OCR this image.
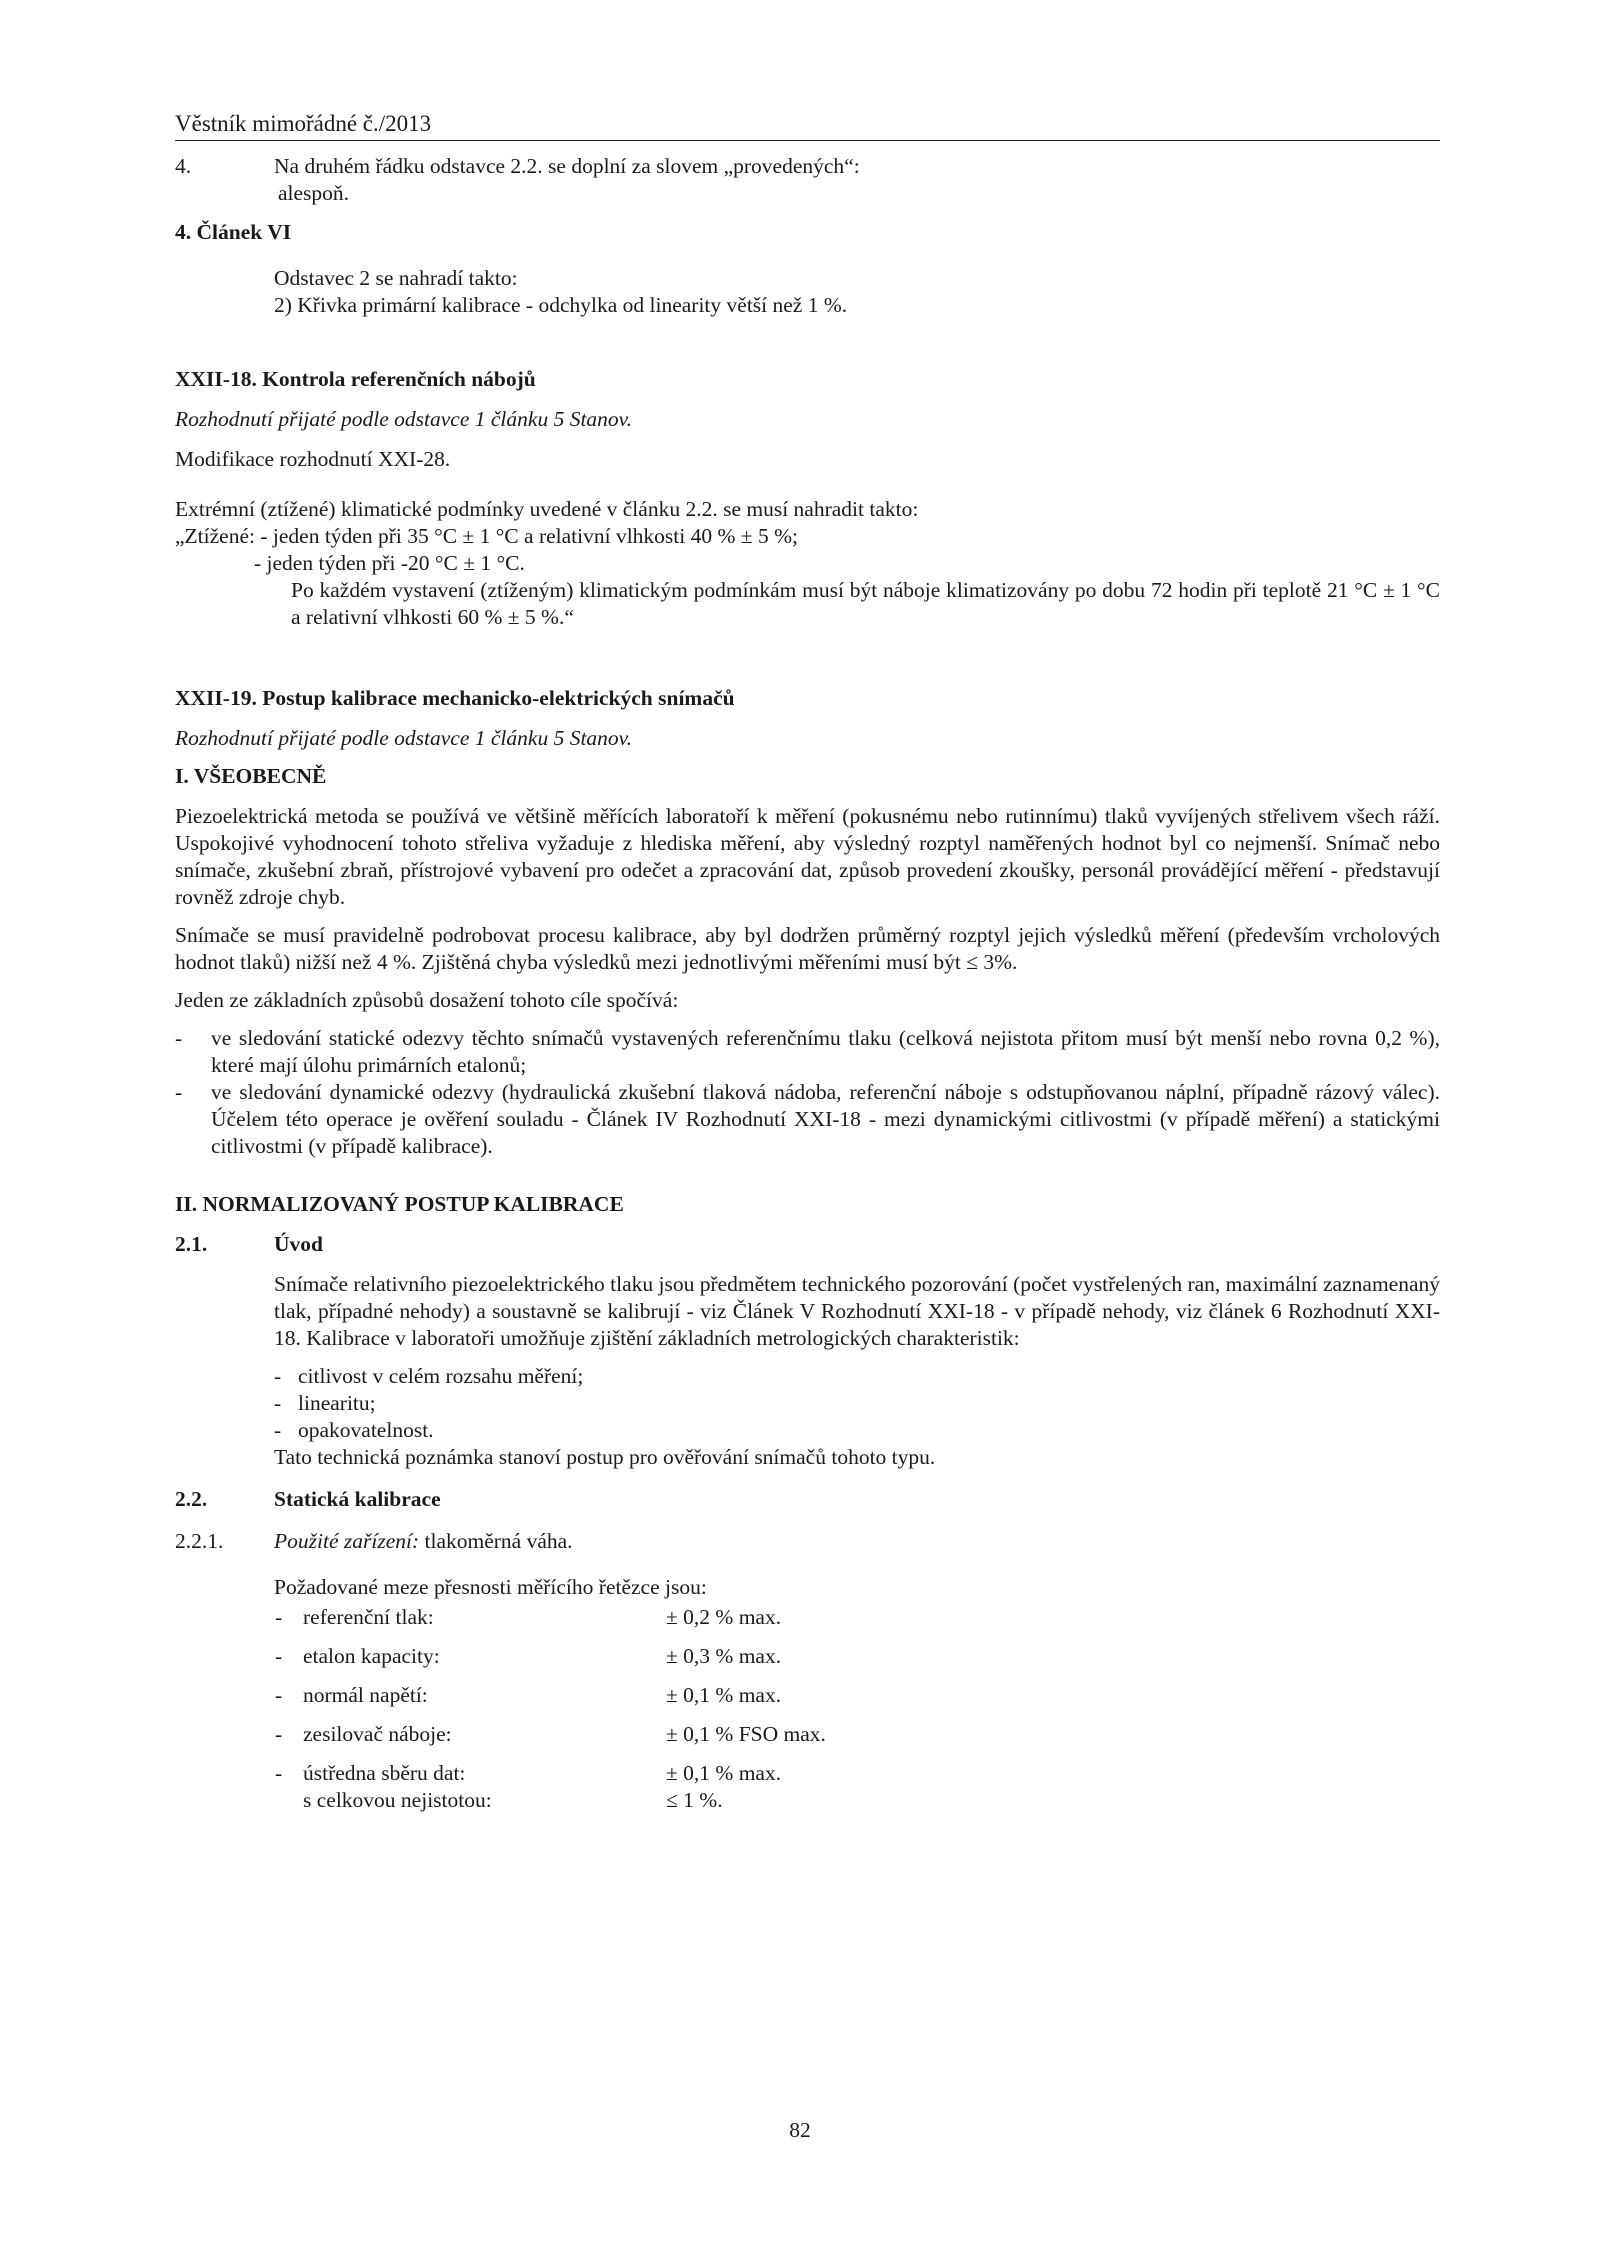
Věstník mimořádné č./2013
4.	Na druhém řádku odstavce 2.2. se doplní za slovem „provedených“:
alespoň.
4. Článek VI
Odstavec 2 se nahradí takto:
2) Křivka primární kalibrace - odchylka od linearity větší než 1 %.
XXII-18. Kontrola referenčních nábojů
Rozhodnutí přijaté podle odstavce 1 článku 5 Stanov.
Modifikace rozhodnutí XXI-28.
Extrémní (ztížené) klimatické podmínky uvedené v článku 2.2. se musí nahradit takto:
„Ztížené: - jeden týden při 35 °C ± 1 °C a relativní vlhkosti 40 % ± 5 %;
- jeden týden při -20 °C ± 1 °C.
Po každém vystavení (ztíženým) klimatickým podmínkám musí být náboje klimatizovány po dobu 72 hodin při teplotě 21 °C ± 1 °C a relativní vlhkosti 60 % ± 5 %.“
XXII-19. Postup kalibrace mechanicko-elektrických snímačů
Rozhodnutí přijaté podle odstavce 1 článku 5 Stanov.
I. VŠEOBECNĚ
Piezoelektrická metoda se používá ve většině měřících laboratoří k měření (pokusnému nebo rutinnímu) tlaků vyvíjených střelivem všech ráží. Uspokojivé vyhodnocení tohoto střeliva vyžaduje z hlediska měření, aby výsledný rozptyl naměřených hodnot byl co nejmenší. Snímač nebo snímače, zkušební zbraň, přístrojové vybavení pro odečet a zpracování dat, způsob provedení zkoušky, personál provádějící měření - představují rovněž zdroje chyb.
Snímače se musí pravidelně podrobovat procesu kalibrace, aby byl dodržen průměrný rozptyl jejich výsledků měření (především vrcholových hodnot tlaků) nižší než 4 %. Zjištěná chyba výsledků mezi jednotlivými měřeními musí být ≤ 3%.
Jeden ze základních způsobů dosažení tohoto cíle spočívá:
- ve sledování statické odezvy těchto snímačů vystavených referenčnímu tlaku (celková nejistota přitom musí být menší nebo rovna 0,2 %), které mají úlohu primárních etalonů;
- ve sledování dynamické odezvy (hydraulická zkušební tlaková nádoba, referenční náboje s odstupňovanou náplní, případně rázový válec). Účelem této operace je ověření souladu - Článek IV Rozhodnutí XXI-18 - mezi dynamickými citlivostmi (v případě měření) a statickými citlivostmi (v případě kalibrace).
II. NORMALIZOVANÝ POSTUP KALIBRACE
2.1.	Úvod
Snímače relativního piezoelektrického tlaku jsou předmětem technického pozorování (počet vystřelených ran, maximální zaznamenaný tlak, případné nehody) a soustavně se kalibrují - viz Článek V Rozhodnutí XXI-18 - v případě nehody, viz článek 6 Rozhodnutí XXI-18. Kalibrace v laboratoři umožňuje zjištění základních metrologických charakteristik:
- citlivost v celém rozsahu měření;
- linearitu;
- opakovatelnost.
Tato technická poznámka stanoví postup pro ověřování snímačů tohoto typu.
2.2.	Statická kalibrace
2.2.1.	Použité zařízení: tlakoměrná váha.
Požadované meze přesnosti měřícího řetězce jsou:
- referenční tlak:	± 0,2 % max.
- etalon kapacity:	± 0,3 % max.
- normál napětí:	± 0,1 % max.
- zesilovač náboje:	± 0,1 % FSO max.
- ústředna sběru dat:	± 0,1 % max.
s celkovou nejistotou:	≤ 1 %.
82
